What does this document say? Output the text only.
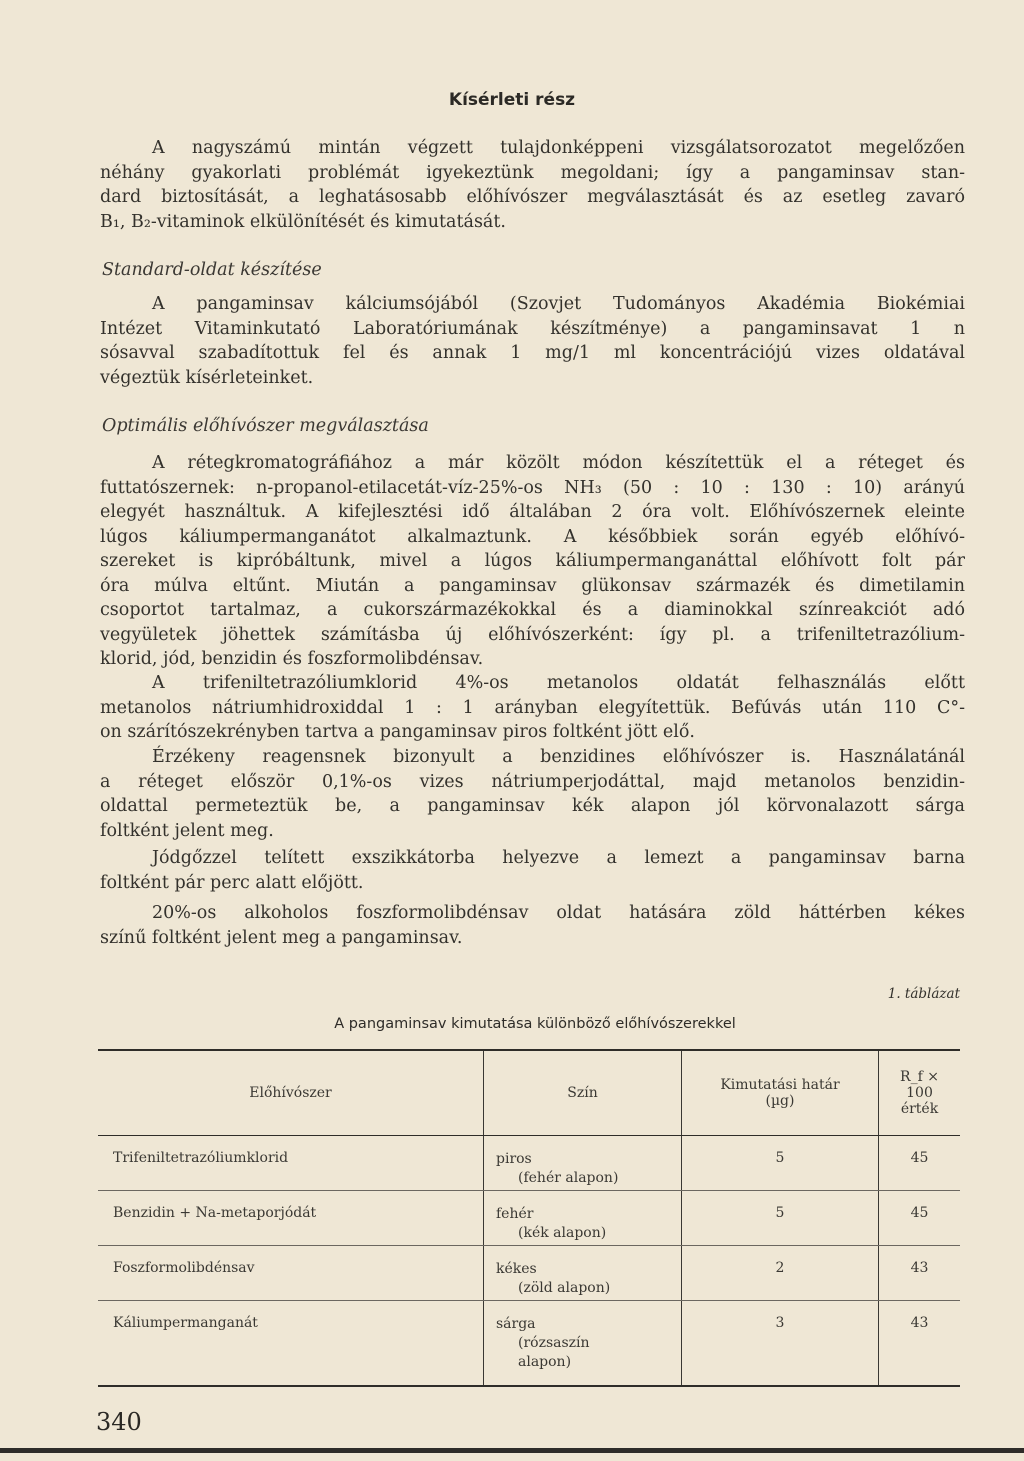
Kísérleti rész

A nagyszámú mintán végzett tulajdonképpeni vizsgálatsorozatot megelőzően
néhány gyakorlati problémát igyekeztünk megoldani; így a pangaminsav stan-
dard biztosítását, a leghatásosabb előhívószer megválasztását és az esetleg zavaró
B₁, B₂-vitaminok elkülönítését és kimutatását.

Standard-oldat készítése

A pangaminsav kálciumsójából (Szovjet Tudományos Akadémia Biokémiai
Intézet Vitaminkutató Laboratóriumának készítménye) a pangaminsavat 1 n
sósavval szabadítottuk fel és annak 1 mg/1 ml koncentrációjú vizes oldatával
végeztük kísérleteinket.

Optimális előhívószer megválasztása

A rétegkromatográfiához a már közölt módon készítettük el a réteget és
futtatószernek: n-propanol-etilacetát-víz-25%-os NH₃ (50 : 10 : 130 : 10) arányú
elegyét használtuk. A kifejlesztési idő általában 2 óra volt. Előhívószernek eleinte
lúgos káliumpermanganátot alkalmaztunk. A későbbiek során egyéb előhívó-
szereket is kipróbáltunk, mivel a lúgos káliumpermanganáttal előhívott folt pár
óra múlva eltűnt. Miután a pangaminsav glükonsav származék és dimetilamin
csoportot tartalmaz, a cukorszármazékokkal és a diaminokkal színreakciót adó
vegyületek jöhettek számításba új előhívószerként: így pl. a trifeniltetrazólium-
klorid, jód, benzidin és foszformolibdénsav.

A trifeniltetrazóliumklorid 4%-os metanolos oldatát felhasználás előtt
metanolos nátriumhidroxiddal 1 : 1 arányban elegyítettük. Befúvás után 110 C°-
on szárítószekrényben tartva a pangaminsav piros foltként jött elő.

Érzékeny reagensnek bizonyult a benzidines előhívószer is. Használatánál
a réteget először 0,1%-os vizes nátriumperjodáttal, majd metanolos benzidin-
oldattal permeteztük be, a pangaminsav kék alapon jól körvonalazott sárga
foltként jelent meg.

Jódgőzzel telített exszikkátorba helyezve a lemezt a pangaminsav barna
foltként pár perc alatt előjött.

20%-os alkoholos foszformolibdénsav oldat hatására zöld háttérben kékes
színű foltként jelent meg a pangaminsav.

1. táblázat
A pangaminsav kimutatása különböző előhívószerekkel
Előhívószer	Szín	Kimutatási határ (µg)	R_f × 100 érték
Trifeniltetrazóliumklorid	piros
(fehér alapon)	5	45
Benzidin + Na-metaporjódát	fehér
(kék alapon)	5	45
Foszformolibdénsav	kékes
(zöld alapon)	2	43
Káliumpermanganát	sárga
(rózsaszín alapon)	3	43
340
